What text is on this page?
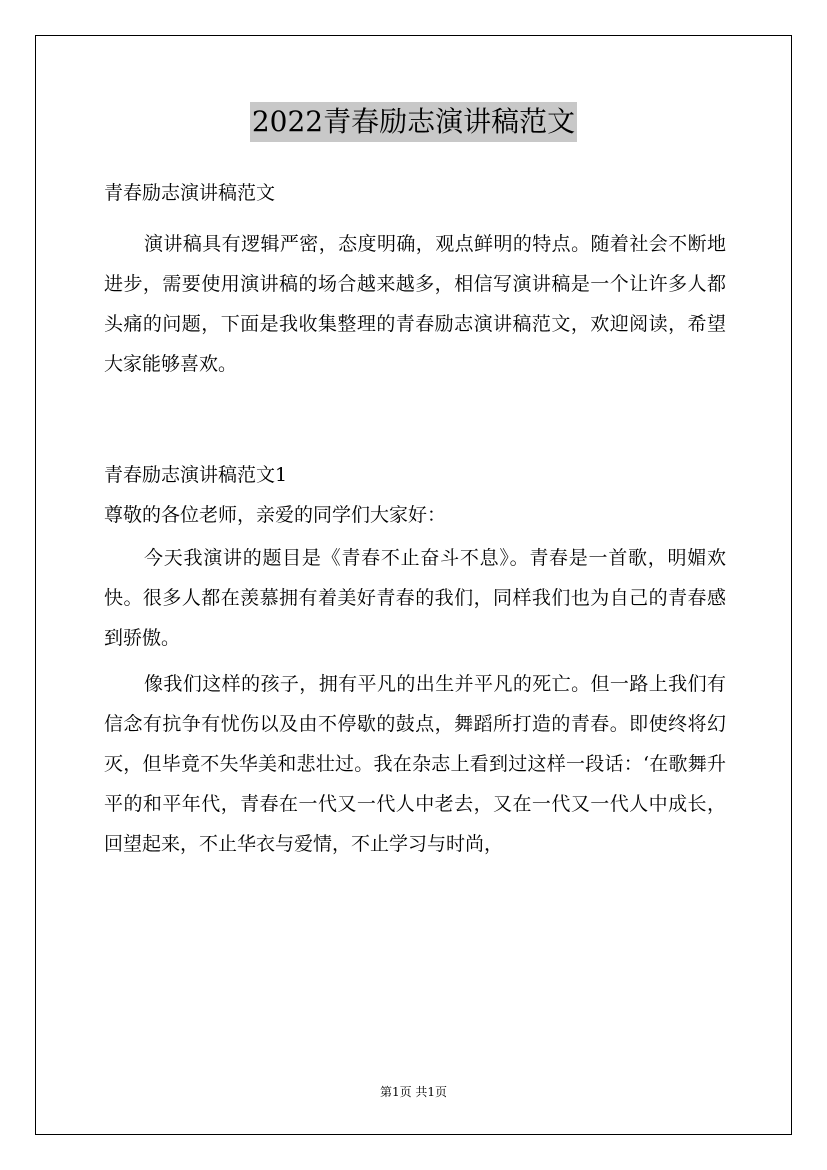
2022青春励志演讲稿范文
青春励志演讲稿范文

演讲稿具有逻辑严密，态度明确，观点鲜明的特点。随着社会不断地进步，需要使用演讲稿的场合越来越多，相信写演讲稿是一个让许多人都头痛的问题，下面是我收集整理的青春励志演讲稿范文，欢迎阅读，希望大家能够喜欢。

青春励志演讲稿范文1
尊敬的各位老师，亲爱的同学们大家好：

今天我演讲的题目是《青春不止奋斗不息》。青春是一首歌，明媚欢快。很多人都在羡慕拥有着美好青春的我们，同样我们也为自己的青春感到骄傲。

像我们这样的孩子，拥有平凡的出生并平凡的死亡。但一路上我们有信念有抗争有忧伤以及由不停歇的鼓点，舞蹈所打造的青春。即使终将幻灭，但毕竟不失华美和悲壮过。我在杂志上看到过这样一段话：‘在歌舞升平的和平年代，青春在一代又一代人中老去，又在一代又一代人中成长，回望起来，不止华衣与爱情，不止学习与时尚，

第1页 共1页
